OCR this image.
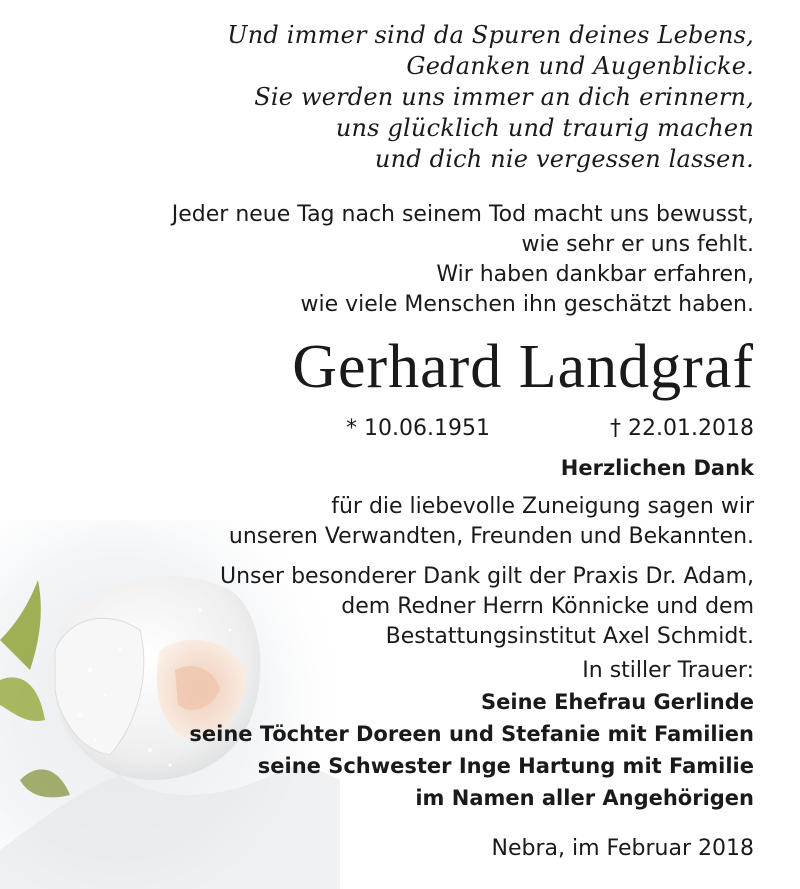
Und immer sind da Spuren deines Lebens,
Gedanken und Augenblicke.
Sie werden uns immer an dich erinnern,
uns glücklich und traurig machen
und dich nie vergessen lassen.
Jeder neue Tag nach seinem Tod macht uns bewusst,
wie sehr er uns fehlt.
Wir haben dankbar erfahren,
wie viele Menschen ihn geschätzt haben.
Gerhard Landgraf
* 10.06.1951	† 22.01.2018
Herzlichen Dank
für die liebevolle Zuneigung sagen wir
unseren Verwandten, Freunden und Bekannten.
Unser besonderer Dank gilt der Praxis Dr. Adam,
dem Redner Herrn Könnicke und dem
Bestattungsinstitut Axel Schmidt.
In stiller Trauer:
Seine Ehefrau Gerlinde
seine Töchter Doreen und Stefanie mit Familien
seine Schwester Inge Hartung mit Familie
im Namen aller Angehörigen
Nebra, im Februar 2018
